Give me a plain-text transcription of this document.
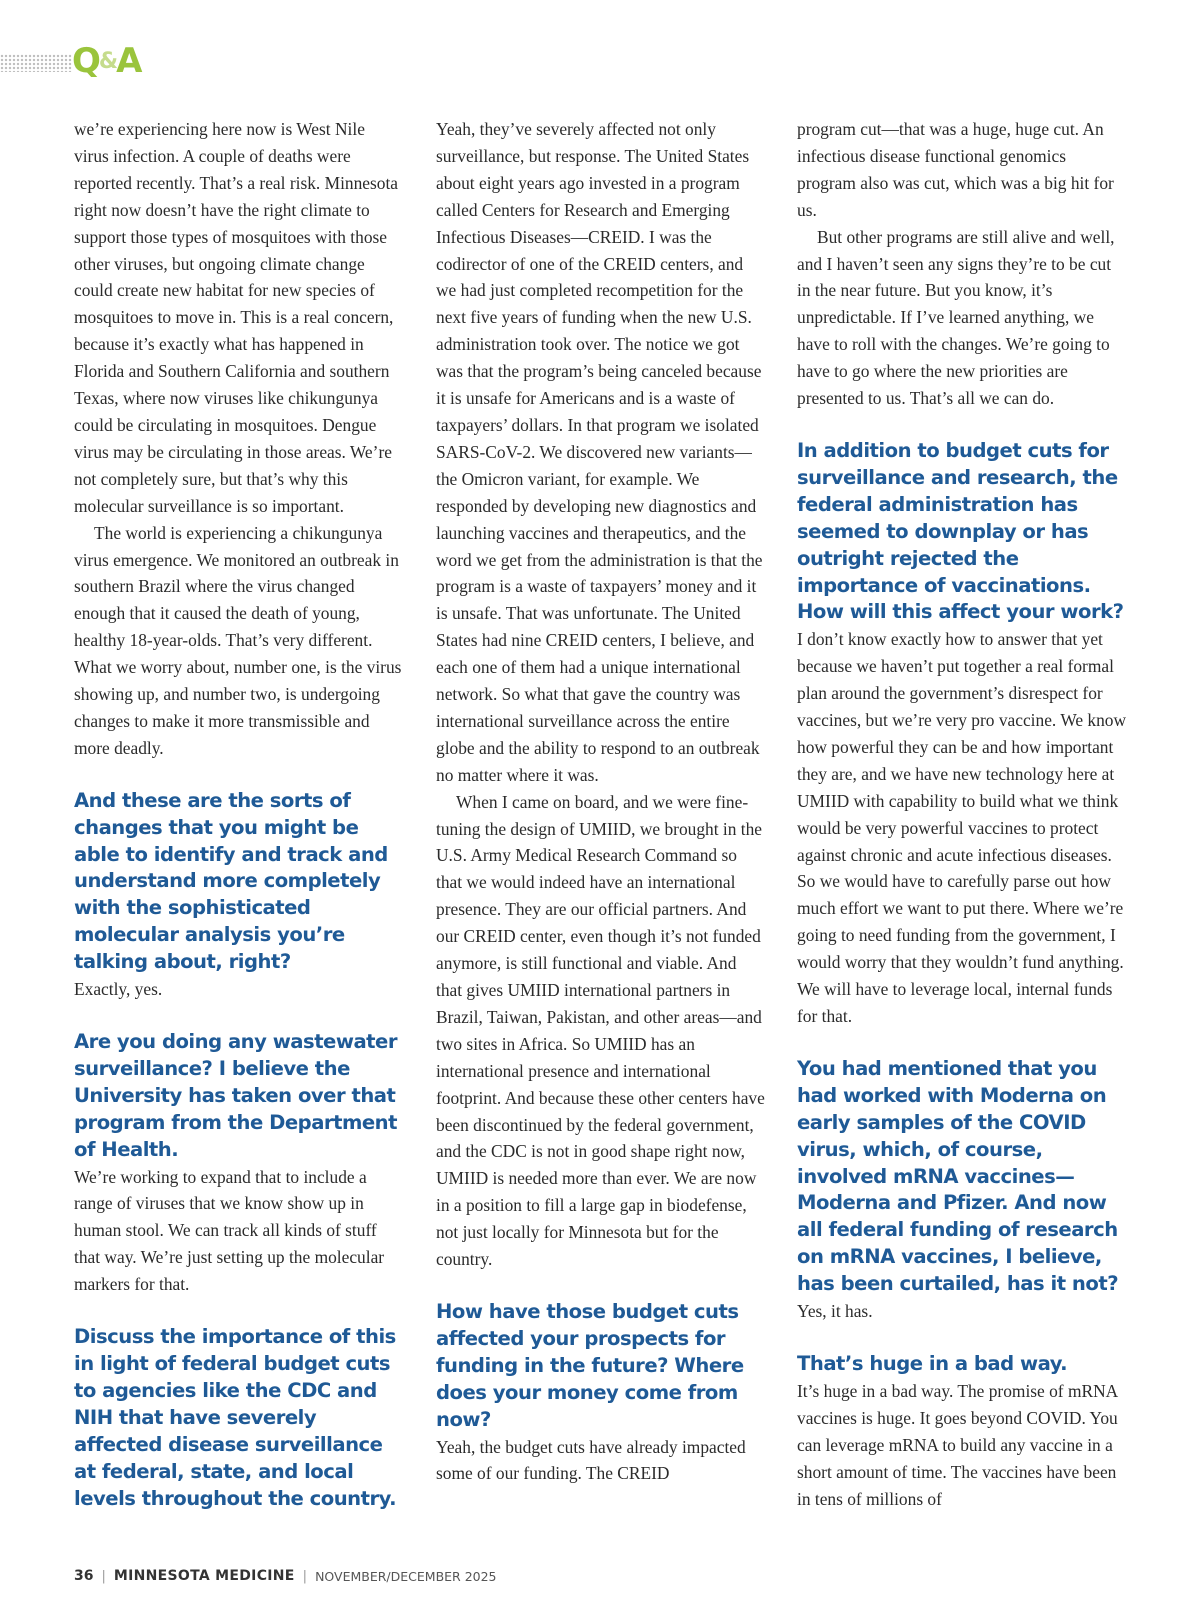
Q&A

we’re experiencing here now is West Nile virus infection. A couple of deaths were reported recently. That’s a real risk. Minnesota right now doesn’t have the right climate to support those types of mosquitoes with those other viruses, but ongoing climate change could create new habitat for new species of mosquitoes to move in. This is a real concern, because it’s exactly what has happened in Florida and Southern California and southern Texas, where now viruses like chikungunya could be circulating in mosquitoes. Dengue virus may be circulating in those areas. We’re not completely sure, but that’s why this molecular surveillance is so important.

The world is experiencing a chikungunya virus emergence. We monitored an outbreak in southern Brazil where the virus changed enough that it caused the death of young, healthy 18-year-olds. That’s very different. What we worry about, number one, is the virus showing up, and number two, is undergoing changes to make it more transmissible and more deadly.

And these are the sorts of changes that you might be able to identify and track and understand more completely with the sophisticated molecular analysis you’re talking about, right?

Exactly, yes.

Are you doing any wastewater surveillance? I believe the University has taken over that program from the Department of Health.

We’re working to expand that to include a range of viruses that we know show up in human stool. We can track all kinds of stuff that way. We’re just setting up the molecular markers for that.

Discuss the importance of this in light of federal budget cuts to agencies like the CDC and NIH that have severely affected disease surveillance at federal, state, and local levels throughout the country.

Yeah, they’ve severely affected not only surveillance, but response. The United States about eight years ago invested in a program called Centers for Research and Emerging Infectious Diseases—CREID. I was the codirector of one of the CREID centers, and we had just completed recompetition for the next five years of funding when the new U.S. administration took over. The notice we got was that the program’s being canceled because it is unsafe for Americans and is a waste of taxpayers’ dollars. In that program we isolated SARS-CoV-2. We discovered new variants—the Omicron variant, for example. We responded by developing new diagnostics and launching vaccines and therapeutics, and the word we get from the administration is that the program is a waste of taxpayers’ money and it is unsafe. That was unfortunate. The United States had nine CREID centers, I believe, and each one of them had a unique international network. So what that gave the country was international surveillance across the entire globe and the ability to respond to an outbreak no matter where it was.

When I came on board, and we were fine-tuning the design of UMIID, we brought in the U.S. Army Medical Research Command so that we would indeed have an international presence. They are our official partners. And our CREID center, even though it’s not funded anymore, is still functional and viable. And that gives UMIID international partners in Brazil, Taiwan, Pakistan, and other areas—and two sites in Africa. So UMIID has an international presence and international footprint. And because these other centers have been discontinued by the federal government, and the CDC is not in good shape right now, UMIID is needed more than ever. We are now in a position to fill a large gap in biodefense, not just locally for Minnesota but for the country.

How have those budget cuts affected your prospects for funding in the future? Where does your money come from now?

Yeah, the budget cuts have already impacted some of our funding. The CREID

program cut—that was a huge, huge cut. An infectious disease functional genomics program also was cut, which was a big hit for us.

But other programs are still alive and well, and I haven’t seen any signs they’re to be cut in the near future. But you know, it’s unpredictable. If I’ve learned anything, we have to roll with the changes. We’re going to have to go where the new priorities are presented to us. That’s all we can do.

In addition to budget cuts for surveillance and research, the federal administration has seemed to downplay or has outright rejected the importance of vaccinations. How will this affect your work?

I don’t know exactly how to answer that yet because we haven’t put together a real formal plan around the government’s disrespect for vaccines, but we’re very pro vaccine. We know how powerful they can be and how important they are, and we have new technology here at UMIID with capability to build what we think would be very powerful vaccines to protect against chronic and acute infectious diseases. So we would have to carefully parse out how much effort we want to put there. Where we’re going to need funding from the government, I would worry that they wouldn’t fund anything. We will have to leverage local, internal funds for that.

You had mentioned that you had worked with Moderna on early samples of the COVID virus, which, of course, involved mRNA vaccines—Moderna and Pfizer. And now all federal funding of research on mRNA vaccines, I believe, has been curtailed, has it not?

Yes, it has.

That’s huge in a bad way.

It’s huge in a bad way. The promise of mRNA vaccines is huge. It goes beyond COVID. You can leverage mRNA to build any vaccine in a short amount of time. The vaccines have been in tens of millions of

36 | MINNESOTA MEDICINE | NOVEMBER/DECEMBER 2025
